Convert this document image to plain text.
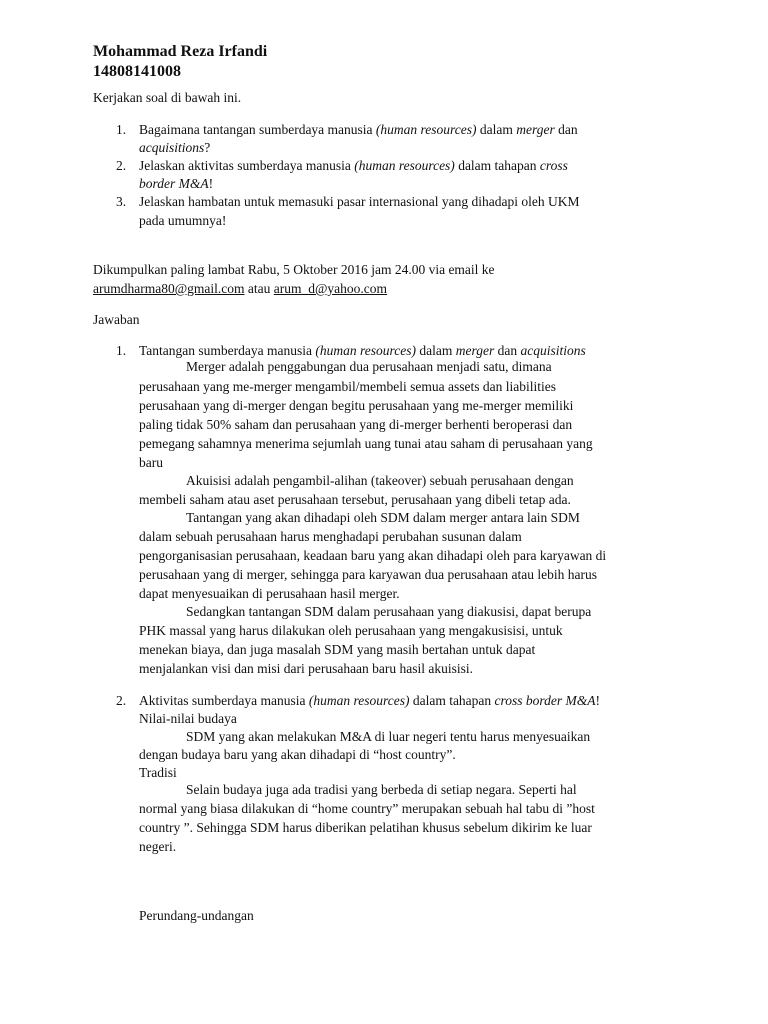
Mohammad Reza Irfandi
14808141008
Kerjakan soal di bawah ini.
1. Bagaimana tantangan sumberdaya manusia (human resources) dalam merger dan
acquisitions?
2. Jelaskan aktivitas sumberdaya manusia (human resources) dalam tahapan cross
border M&A!
3. Jelaskan hambatan untuk memasuki pasar internasional yang dihadapi oleh UKM
pada umumnya!
Dikumpulkan paling lambat Rabu, 5 Oktober 2016 jam 24.00 via email ke
arumdharma80@gmail.com atau arum_d@yahoo.com
Jawaban
1. Tantangan sumberdaya manusia (human resources) dalam merger dan acquisitions
Merger adalah penggabungan dua perusahaan menjadi satu, dimana
perusahaan yang me-merger mengambil/membeli semua assets dan liabilities
perusahaan yang di-merger dengan begitu perusahaan yang me-merger memiliki
paling tidak 50% saham dan perusahaan yang di-merger berhenti beroperasi dan
pemegang sahamnya menerima sejumlah uang tunai atau saham di perusahaan yang
baru
Akuisisi adalah pengambil-alihan (takeover) sebuah perusahaan dengan
membeli saham atau aset perusahaan tersebut, perusahaan yang dibeli tetap ada.
Tantangan yang akan dihadapi oleh SDM dalam merger antara lain SDM
dalam sebuah perusahaan harus menghadapi perubahan susunan dalam
pengorganisasian perusahaan, keadaan baru yang akan dihadapi oleh para karyawan di
perusahaan yang di merger, sehingga para karyawan dua perusahaan atau lebih harus
dapat menyesuaikan di perusahaan hasil merger.
Sedangkan tantangan SDM dalam perusahaan yang diakusisi, dapat berupa
PHK massal yang harus dilakukan oleh perusahaan yang mengakusisisi, untuk
menekan biaya, dan juga masalah SDM yang masih bertahan untuk dapat
menjalankan visi dan misi dari perusahaan baru hasil akuisisi.
2. Aktivitas sumberdaya manusia (human resources) dalam tahapan cross border M&A!
Nilai-nilai budaya
SDM yang akan melakukan M&A di luar negeri tentu harus menyesuaikan
dengan budaya baru yang akan dihadapi di “host country”.
Tradisi
Selain budaya juga ada tradisi yang berbeda di setiap negara. Seperti hal
normal yang biasa dilakukan di “home country” merupakan sebuah hal tabu di ”host
country ”. Sehingga SDM harus diberikan pelatihan khusus sebelum dikirim ke luar
negeri.
Perundang-undangan
